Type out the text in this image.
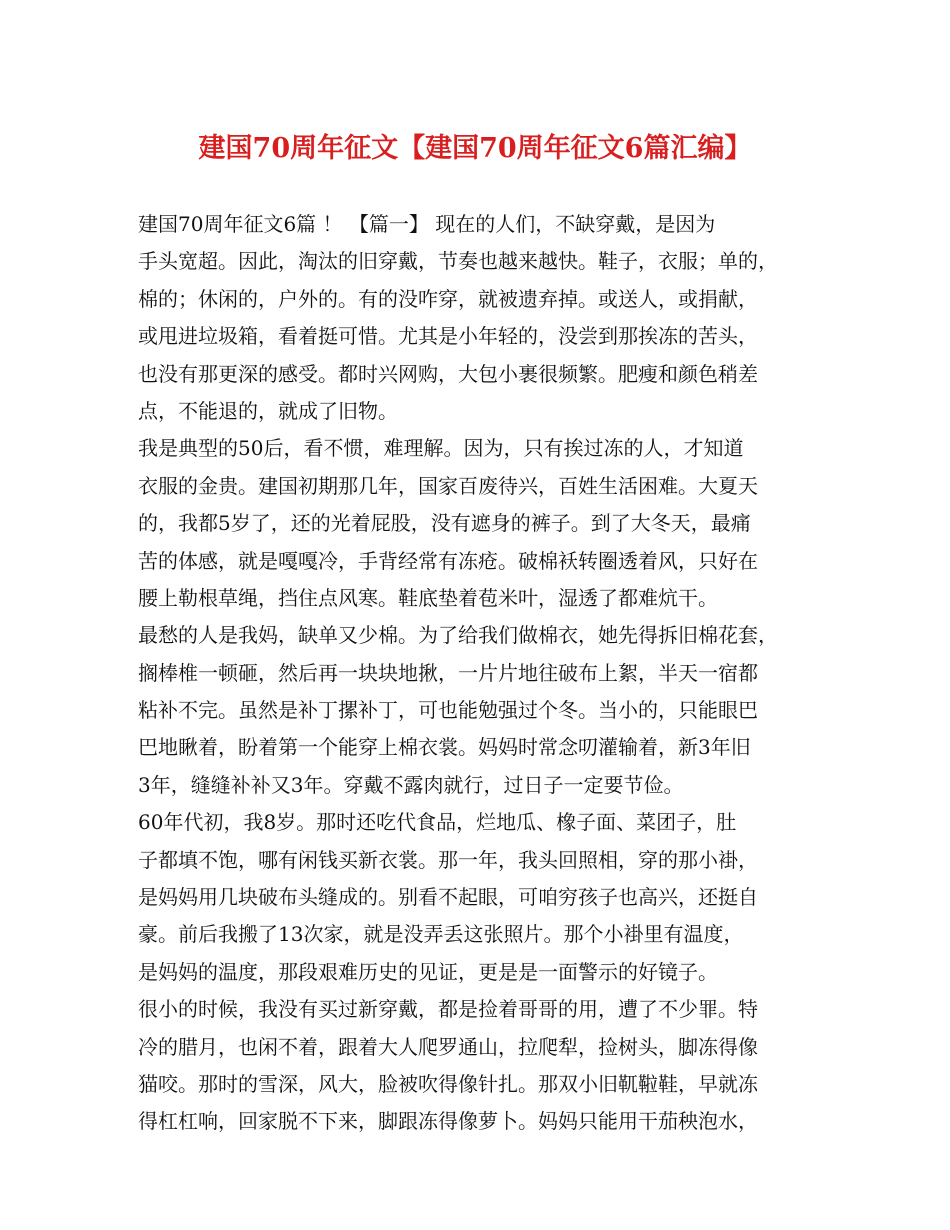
建国70周年征文【建国70周年征文6篇汇编】
建国70周年征文6篇 ！ 【篇一】 现在的人们，不缺穿戴，是因为
手头宽超。因此，淘汰的旧穿戴，节奏也越来越快。鞋子，衣服；单的，
棉的；休闲的，户外的。有的没咋穿，就被遗弃掉。或送人，或捐献，
或甩进垃圾箱，看着挺可惜。尤其是小年轻的，没尝到那挨冻的苦头，
也没有那更深的感受。都时兴网购，大包小裹很频繁。肥瘦和颜色稍差
点，不能退的，就成了旧物。
我是典型的50后，看不惯，难理解。因为，只有挨过冻的人，才知道
衣服的金贵。建国初期那几年，国家百废待兴，百姓生活困难。大夏天
的，我都5岁了，还的光着屁股，没有遮身的裤子。到了大冬天，最痛
苦的体感，就是嘎嘎冷，手背经常有冻疮。破棉袄转圈透着风，只好在
腰上勒根草绳，挡住点风寒。鞋底垫着苞米叶，湿透了都难炕干。
最愁的人是我妈，缺单又少棉。为了给我们做棉衣，她先得拆旧棉花套，
搁棒椎一顿砸，然后再一块块地揪，一片片地往破布上絮，半天一宿都
粘补不完。虽然是补丁摞补丁，可也能勉强过个冬。当小的，只能眼巴
巴地瞅着，盼着第一个能穿上棉衣裳。妈妈时常念叨灌输着，新3年旧
3年，缝缝补补又3年。穿戴不露肉就行，过日子一定要节俭。
60年代初，我8岁。那时还吃代食品，烂地瓜、橡子面、菜团子，肚
子都填不饱，哪有闲钱买新衣裳。那一年，我头回照相，穿的那小褂，
是妈妈用几块破布头缝成的。别看不起眼，可咱穷孩子也高兴，还挺自
豪。前后我搬了13次家，就是没弄丢这张照片。那个小褂里有温度，
是妈妈的温度，那段艰难历史的见证，更是是一面警示的好镜子。
很小的时候，我没有买过新穿戴，都是捡着哥哥的用，遭了不少罪。特
冷的腊月，也闲不着，跟着大人爬罗通山，拉爬犁，捡树头，脚冻得像
猫咬。那时的雪深，风大，脸被吹得像针扎。那双小旧靰鞡鞋，早就冻
得杠杠响，回家脱不下来，脚跟冻得像萝卜。妈妈只能用干茄秧泡水，
